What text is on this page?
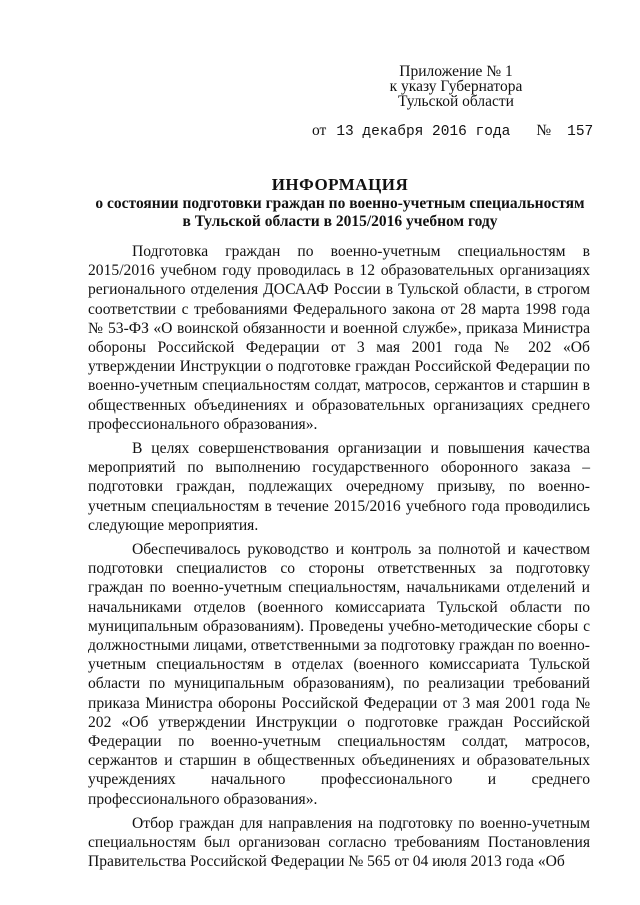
Приложение № 1
к указу Губернатора
Тульской области
от 13 декабря 2016 года № 157
ИНФОРМАЦИЯ
о состоянии подготовки граждан по военно-учетным специальностям
в Тульской области в 2015/2016 учебном году

Подготовка граждан по военно-учетным специальностям в 2015/2016 учебном году проводилась в 12 образовательных организациях регионального отделения ДОСААФ России в Тульской области, в строгом соответствии с требованиями Федерального закона от 28 марта 1998 года № 53-ФЗ «О воинской обязанности и военной службе», приказа Министра обороны Российской Федерации от 3 мая 2001 года № 202 «Об утверждении Инструкции о подготовке граждан Российской Федерации по военно-учетным специальностям солдат, матросов, сержантов и старшин в общественных объединениях и образовательных организациях среднего профессионального образования».

В целях совершенствования организации и повышения качества мероприятий по выполнению государственного оборонного заказа – подготовки граждан, подлежащих очередному призыву, по военно-учетным специальностям в течение 2015/2016 учебного года проводились следующие мероприятия.

Обеспечивалось руководство и контроль за полнотой и качеством подготовки специалистов со стороны ответственных за подготовку граждан по военно-учетным специальностям, начальниками отделений и начальниками отделов (военного комиссариата Тульской области по муниципальным образованиям). Проведены учебно-методические сборы с должностными лицами, ответственными за подготовку граждан по военно-учетным специальностям в отделах (военного комиссариата Тульской области по муниципальным образованиям), по реализации требований приказа Министра обороны Российской Федерации от 3 мая 2001 года № 202 «Об утверждении Инструкции о подготовке граждан Российской Федерации по военно-учетным специальностям солдат, матросов, сержантов и старшин в общественных объединениях и образовательных учреждениях начального профессионального и среднего профессионального образования».

Отбор граждан для направления на подготовку по военно-учетным специальностям был организован согласно требованиям Постановления Правительства Российской Федерации № 565 от 04 июля 2013 года «Об
